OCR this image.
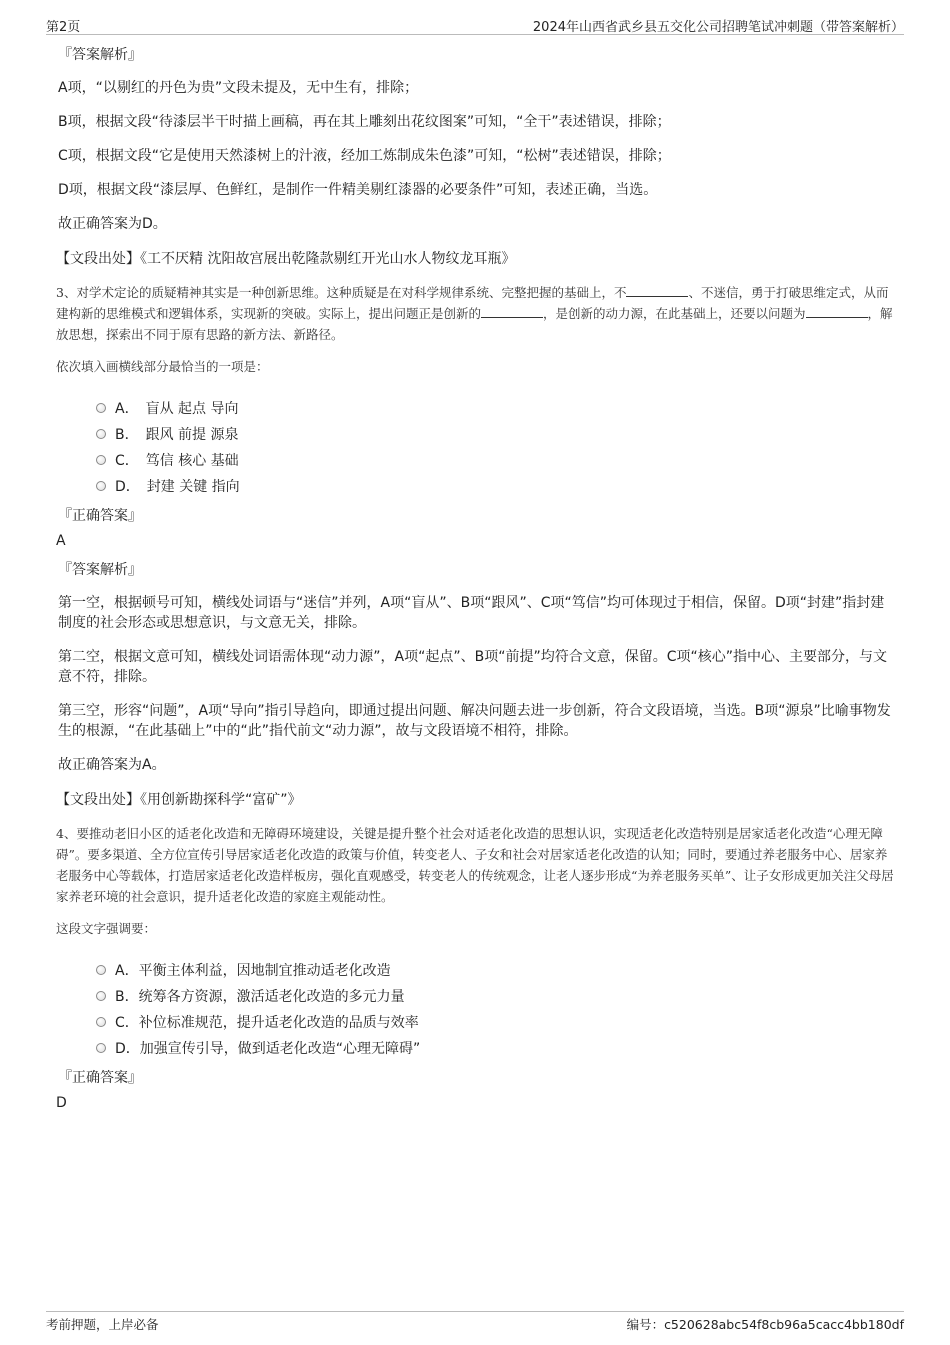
第2页	2024年山西省武乡县五交化公司招聘笔试冲刺题（带答案解析）
『答案解析』
A项，“以剔红的丹色为贵”文段未提及，无中生有，排除；
B项，根据文段“待漆层半干时描上画稿，再在其上雕刻出花纹图案”可知，“全干”表述错误，排除；
C项，根据文段“它是使用天然漆树上的汁液，经加工炼制成朱色漆”可知，“松树”表述错误，排除；
D项，根据文段“漆层厚、色鲜红，是制作一件精美剔红漆器的必要条件”可知，表述正确，当选。
故正确答案为D。
【文段出处】《工不厌精 沈阳故宫展出乾隆款剔红开光山水人物纹龙耳瓶》
3、对学术定论的质疑精神其实是一种创新思维。这种质疑是在对科学规律系统、完整把握的基础上，不	、不迷信，勇于打破思维定式，从而建构新的思维模式和逻辑体系，实现新的突破。实际上，提出问题正是创新的	，是创新的动力源，在此基础上，还要以问题为	，解放思想，探索出不同于原有思路的新方法、新路径。
依次填入画横线部分最恰当的一项是：
A．　盲从 起点 导向
B．　跟风 前提 源泉
C．　笃信 核心 基础
D．　封建 关键 指向
『正确答案』
A
『答案解析』
第一空，根据顿号可知，横线处词语与“迷信”并列，A项“盲从”、B项“跟风”、C项“笃信”均可体现过于相信，保留。D项“封建”指封建制度的社会形态或思想意识，与文意无关，排除。
第二空，根据文意可知，横线处词语需体现“动力源”，A项“起点”、B项“前提”均符合文意，保留。C项“核心”指中心、主要部分，与文意不符，排除。
第三空，形容“问题”，A项“导向”指引导趋向，即通过提出问题、解决问题去进一步创新，符合文段语境，当选。B项“源泉”比喻事物发生的根源，“在此基础上”中的“此”指代前文“动力源”，故与文段语境不相符，排除。
故正确答案为A。
【文段出处】《用创新勘探科学“富矿”》
4、要推动老旧小区的适老化改造和无障碍环境建设，关键是提升整个社会对适老化改造的思想认识，实现适老化改造特别是居家适老化改造“心理无障碍”。要多渠道、全方位宣传引导居家适老化改造的政策与价值，转变老人、子女和社会对居家适老化改造的认知；同时，要通过养老服务中心、居家养老服务中心等载体，打造居家适老化改造样板房，强化直观感受，转变老人的传统观念，让老人逐步形成“为养老服务买单”、让子女形成更加关注父母居家养老环境的社会意识，提升适老化改造的家庭主观能动性。
这段文字强调要：
A．平衡主体利益，因地制宜推动适老化改造
B．统筹各方资源，激活适老化改造的多元力量
C．补位标准规范，提升适老化改造的品质与效率
D．加强宣传引导，做到适老化改造“心理无障碍”
『正确答案』
D
考前押题，上岸必备	编号：c520628abc54f8cb96a5cacc4bb180df
